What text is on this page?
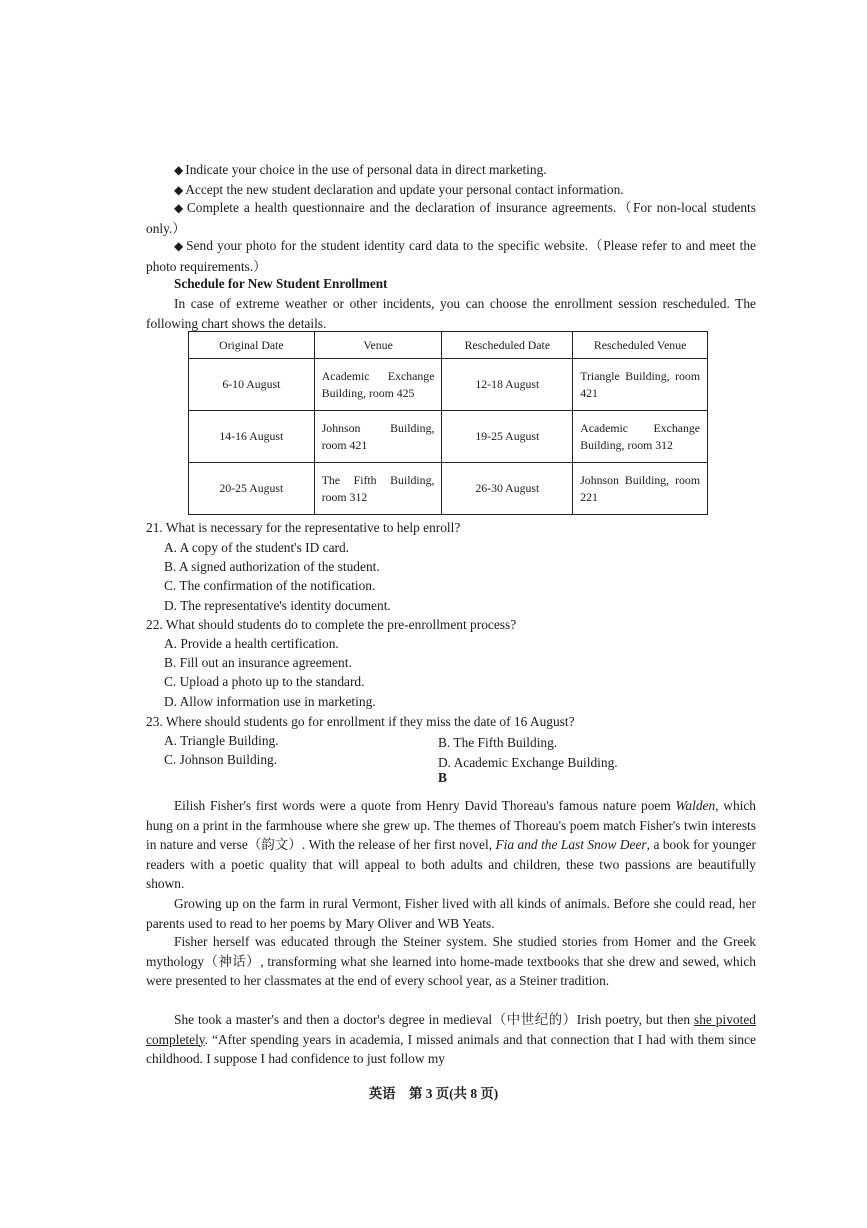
◆ Indicate your choice in the use of personal data in direct marketing.

◆ Accept the new student declaration and update your personal contact information.

◆ Complete a health questionnaire and the declaration of insurance agreements.（For non-local students only.）

◆ Send your photo for the student identity card data to the specific website.（Please refer to and meet the photo requirements.）

Schedule for New Student Enrollment

In case of extreme weather or other incidents, you can choose the enrollment session rescheduled. The following chart shows the details.

Original Date	Venue	Rescheduled Date	Rescheduled Venue
6-10 August	Academic Exchange Building, room 425	12-18 August	Triangle Building, room 421
14-16 August	Johnson Building, room 421	19-25 August	Academic Exchange Building, room 312
20-25 August	The Fifth Building, room 312	26-30 August	Johnson Building, room 221
21. What is necessary for the representative to help enroll?
A. A copy of the student's ID card.
B. A signed authorization of the student.
C. The confirmation of the notification.
D. The representative's identity document.
22. What should students do to complete the pre-enrollment process?
A. Provide a health certification.
B. Fill out an insurance agreement.
C. Upload a photo up to the standard.
D. Allow information use in marketing.
23. Where should students go for enrollment if they miss the date of 16 August?
A. Triangle Building.	B. The Fifth Building.
C. Johnson Building.	D. Academic Exchange Building.
B

Eilish Fisher's first words were a quote from Henry David Thoreau's famous nature poem Walden, which hung on a print in the farmhouse where she grew up. The themes of Thoreau's poem match Fisher's twin interests in nature and verse（韵文）. With the release of her first novel, Fia and the Last Snow Deer, a book for younger readers with a poetic quality that will appeal to both adults and children, these two passions are beautifully shown.

Growing up on the farm in rural Vermont, Fisher lived with all kinds of animals. Before she could read, her parents used to read to her poems by Mary Oliver and WB Yeats.

Fisher herself was educated through the Steiner system. She studied stories from Homer and the Greek mythology（神话）, transforming what she learned into home-made textbooks that she drew and sewed, which were presented to her classmates at the end of every school year, as a Steiner tradition.

She took a master's and then a doctor's degree in medieval（中世纪的）Irish poetry, but then she pivoted completely. “After spending years in academia, I missed animals and that connection that I had with them since childhood. I suppose I had confidence to just follow my

英语　第 3 页(共 8 页)
